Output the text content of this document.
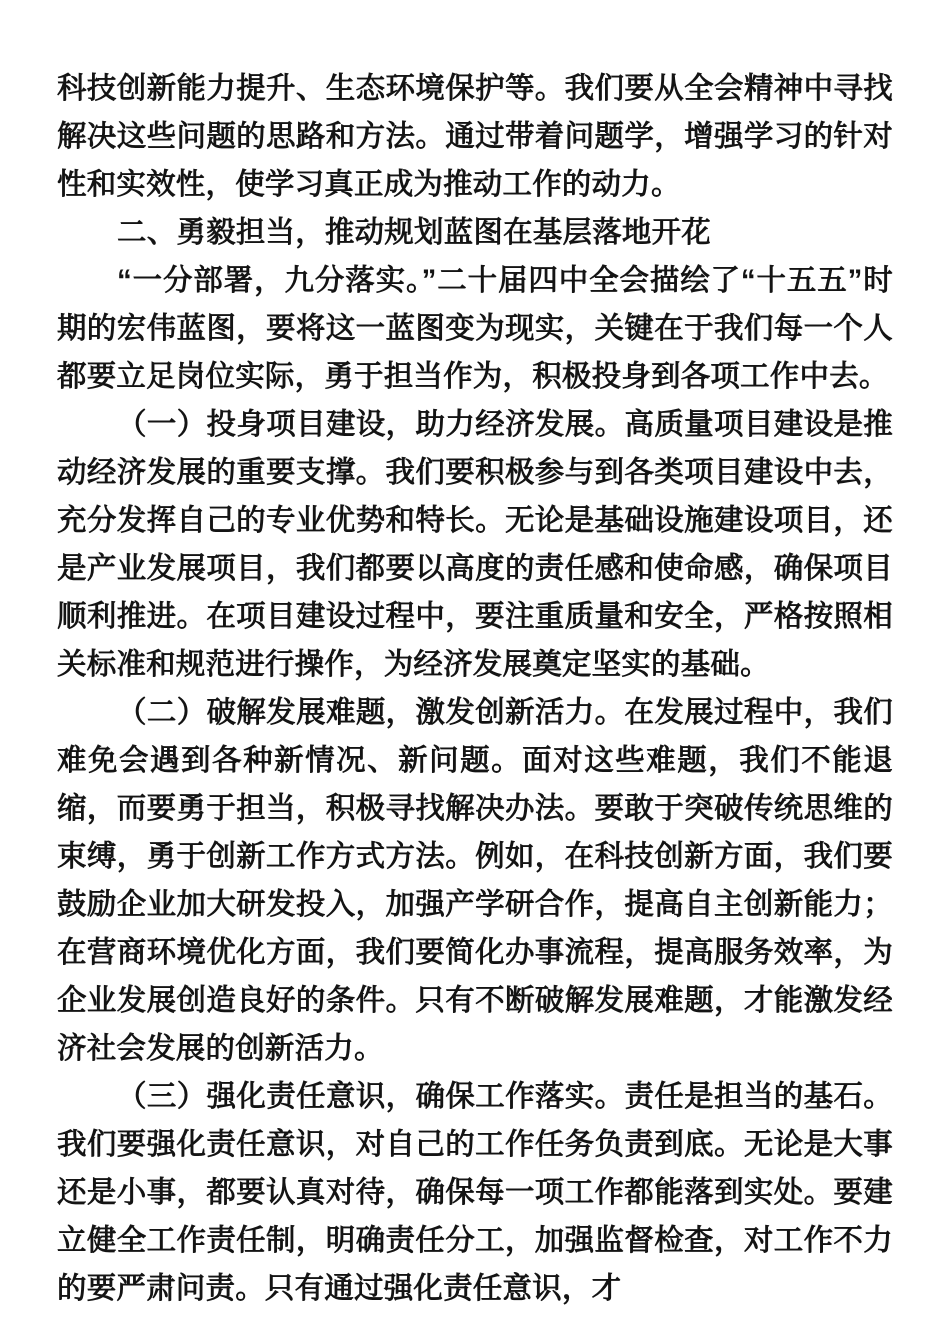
科技创新能力提升、生态环境保护等。我们要从全会精神中寻找解决这些问题的思路和方法。通过带着问题学，增强学习的针对性和实效性，使学习真正成为推动工作的动力。

二、勇毅担当，推动规划蓝图在基层落地开花

“一分部署，九分落实。”二十届四中全会描绘了“十五五”时期的宏伟蓝图，要将这一蓝图变为现实，关键在于我们每一个人都要立足岗位实际，勇于担当作为，积极投身到各项工作中去。

（一）投身项目建设，助力经济发展。高质量项目建设是推动经济发展的重要支撑。我们要积极参与到各类项目建设中去，充分发挥自己的专业优势和特长。无论是基础设施建设项目，还是产业发展项目，我们都要以高度的责任感和使命感，确保项目顺利推进。在项目建设过程中，要注重质量和安全，严格按照相关标准和规范进行操作，为经济发展奠定坚实的基础。

（二）破解发展难题，激发创新活力。在发展过程中，我们难免会遇到各种新情况、新问题。面对这些难题，我们不能退缩，而要勇于担当，积极寻找解决办法。要敢于突破传统思维的束缚，勇于创新工作方式方法。例如，在科技创新方面，我们要鼓励企业加大研发投入，加强产学研合作，提高自主创新能力；在营商环境优化方面，我们要简化办事流程，提高服务效率，为企业发展创造良好的条件。只有不断破解发展难题，才能激发经济社会发展的创新活力。

（三）强化责任意识，确保工作落实。责任是担当的基石。我们要强化责任意识，对自己的工作任务负责到底。无论是大事还是小事，都要认真对待，确保每一项工作都能落到实处。要建立健全工作责任制，明确责任分工，加强监督检查，对工作不力的要严肃问责。只有通过强化责任意识，才
